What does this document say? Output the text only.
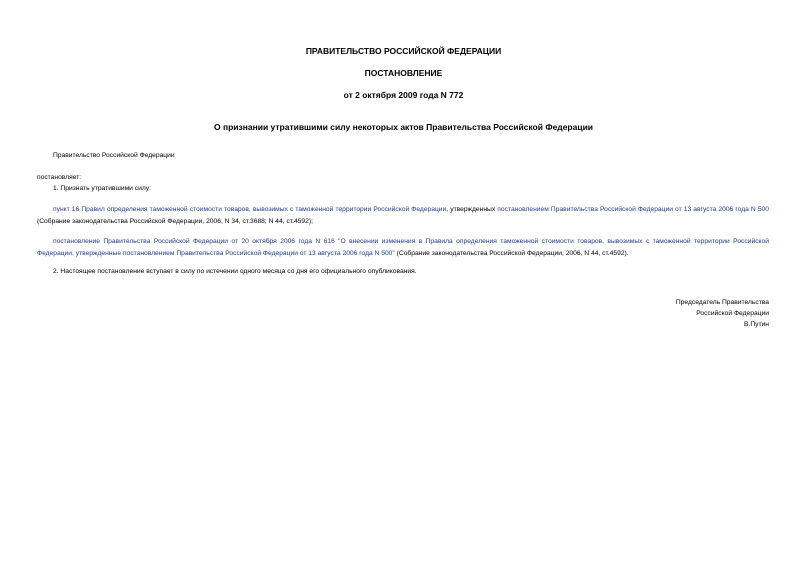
ПРАВИТЕЛЬСТВО РОССИЙСКОЙ ФЕДЕРАЦИИ

ПОСТАНОВЛЕНИЕ

от 2 октября 2009 года N 772

О признании утратившими силу некоторых актов Правительства Российской Федерации

Правительство Российской Федерации

постановляет:

1. Признать утратившими силу:

пункт 16 Правил определения таможенной стоимости товаров, вывозимых с таможенной территории Российской Федерации, утвержденных постановлением Правительства Российской Федерации от 13 августа 2006 года N 500 (Собрание законодательства Российской Федерации, 2006, N 34, ст.3688; N 44, ст.4592);

постановление Правительства Российской Федерации от 20 октября 2006 года N 616 "О внесении изменения в Правила определения таможенной стоимости товаров, вывозимых с таможенной территории Российской Федерации, утвержденные постановлением Правительства Российской Федерации от 13 августа 2006 года N 500" (Собрание законодательства Российской Федерации, 2006, N 44, ст.4592).

2. Настоящее постановление вступает в силу по истечении одного месяца со дня его официального опубликования.

Председатель Правительства

Российской Федерации

В.Путин
